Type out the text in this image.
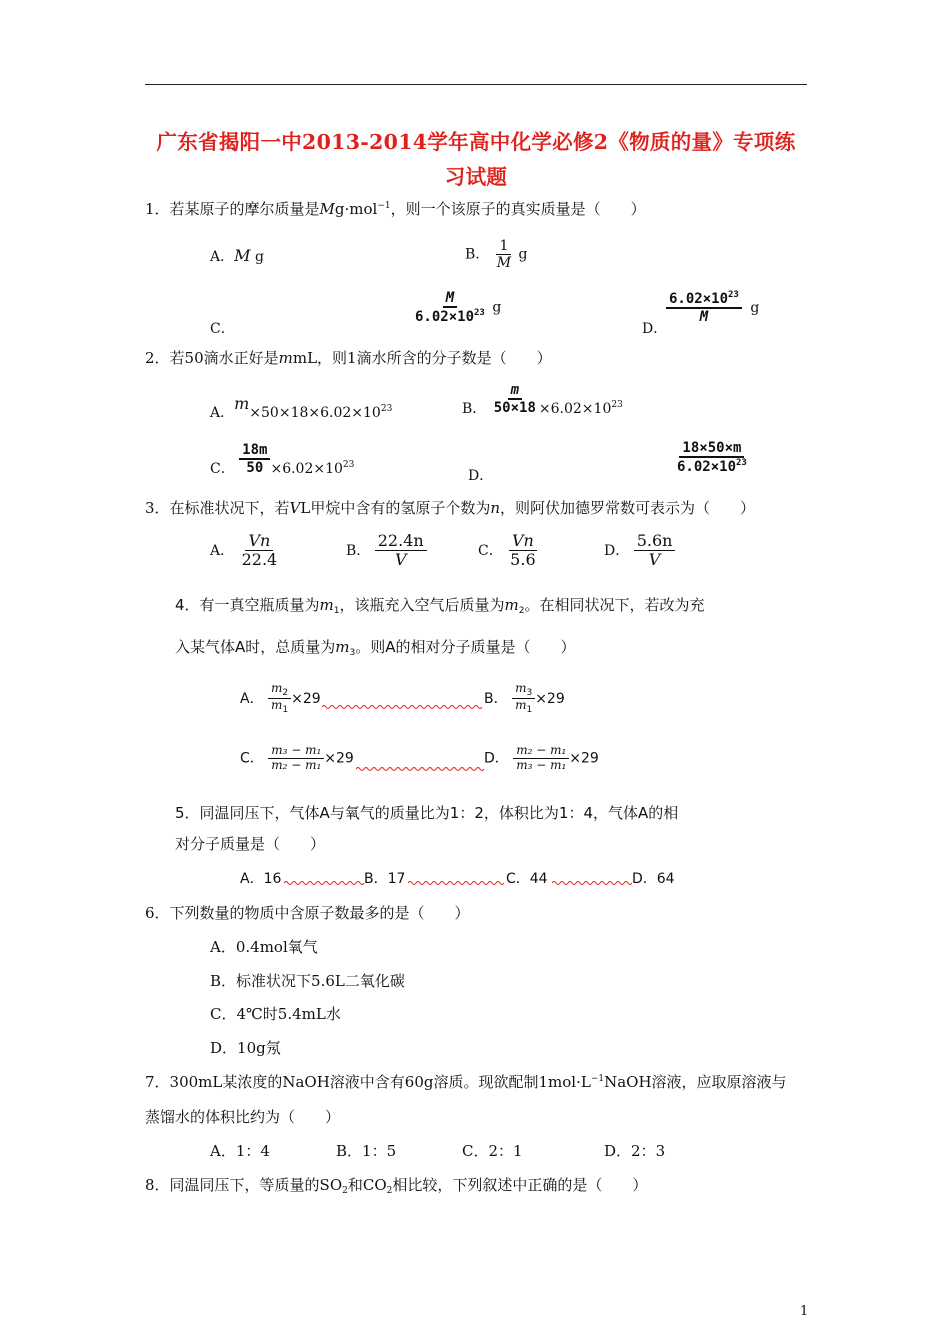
广东省揭阳一中2013-2014学年高中化学必修2《物质的量》专项练
习试题
1．若某原子的摩尔质量是Mg·mol$^{-1}$，则一个该原子的真实质量是（　　）
A．M g	B． $\frac{1}{M}$ g
C．
$\frac{M}{6.02\times 10^{23}}$ g
D．
$\frac{6.02\times 10^{23}}{M}$ g
2．若50滴水正好是mmL，则1滴水所含的分子数是（　　）
A．$m\times 50\times 18\times 6.02\times 10^{23}$	B． $\frac{m}{50\times 18} \times 6.02\times 10^{23}$
C． $\frac{18m}{50} \times 6.02\times 10^{23}$
D．
$\frac{18\times 50\times m}{6.02\times 10^{23}}$
3．在标准状况下，若VL甲烷中含有的氢原子个数为n，则阿伏加德罗常数可表示为（　　）
A． $\frac{Vn}{22.4}$	B． $\frac{22.4n}{V}$	C． $\frac{Vn}{5.6}$	D． $\frac{5.6n}{V}$
4．有一真空瓶质量为$m_1$，该瓶充入空气后质量为$m_2$。在相同状况下，若改为充
入某气体A时，总质量为$m_3$。则A的相对分子质量是（　　）
A． $\frac{m_2}{m_1} \times 29$	B． $\frac{m_3}{m_1} \times 29$
C． $\frac{\text{m₃ − m₁}}{\text{m₂ − m₁}} \times 29$	D． $\frac{\text{m₂ − m₁}}{\text{m₃ − m₁}} \times 29$
5．同温同压下，气体A与氧气的质量比为1：2，体积比为1：4，气体A的相
对分子质量是（　　）
A．16	B．17	C．44	D．64
6．下列数量的物质中含原子数最多的是（　　）
A．0.4mol氧气
B．标准状况下5.6L二氧化碳
C．4℃时5.4mL水
D．10g氖
7．300mL某浓度的NaOH溶液中含有60g溶质。现欲配制$1mol\cdot L^{-1}NaOH$溶液，应取原溶液与
蒸馏水的体积比约为（　　）
A．1：4	B．1：5	C．2：1	D．2：3
8．同温同压下，等质量的$SO_2$和$CO_2$相比较，下列叙述中正确的是（　　）
1
